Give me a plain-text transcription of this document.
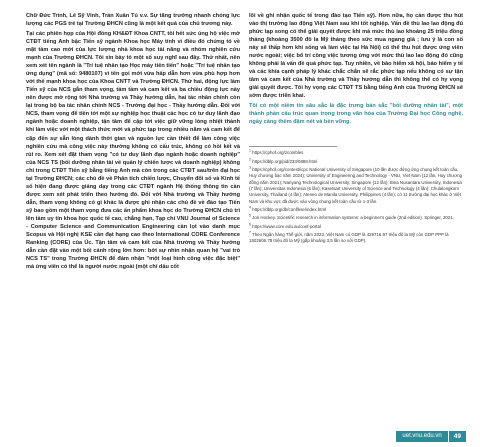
Chữ Đức Trình, Lê Sỹ Vinh, Trần Xuân Tú v.v. Sự tăng trưởng nhanh chóng lực lượng các PGS trẻ tại Trường ĐHCN cũng là một kết quả của chủ trương này.

Tại các phiên họp của Hội đồng KH&ĐT Khoa CNTT, tôi hết sức ủng hộ việc mở CTĐT tiếng Anh bậc Tiến sỹ ngành Khoa học Máy tính vì điều đó chứng tỏ về mặt tầm cao mới của lực lượng nhà khoa học tài năng và nhóm nghiên cứu mạnh của Trường ĐHCN. Tôi xin bày tỏ một số suy nghĩ sau đây. Thứ nhất, nên xem xét tên ngành là "Trí tuệ nhân tạo Học máy tiên tiến" hoặc "Trí tuệ nhân tạo ứng dụng" (mã số: 9480107) vì tên gọi mới vừa hấp dẫn hơn vừa phù hợp hơn với thế mạnh khoa học của Khoa CNTT và Trường ĐHCN. Thứ hai, động lực làm Tiến sỹ của NCS gắn tham vọng, tầm tầm và cam kết và ba chiều động lực này nên được mở rộng tới Nhà trường và Thầy hướng dẫn, hai tác nhân chính còn lại trong bộ ba tác nhân chính NCS - Trường đại học - Thầy hướng dẫn. Đối với NCS, tham vọng để tiến tới một sự nghiệp học thuật các học có tư duy lãnh đạo ngành hoặc doanh nghiệp, tận tâm để cập tới việc giữ vững lòng nhiệt thành khi làm việc với một thách thức mới và phức tạp trong nhiều năm và cam kết để cặp đến sự sẵn lòng dành thời gian và nguồn lực cần thiết để làm công việc nghiên cứu mà công việc này thường không có cấu trúc, không có hồi kết và rủi ro. Xem xét đặt tham vọng "có tư duy lãnh đạo ngành hoặc doanh nghiệp" của NCS TS (bối dưỡng nhân tài về quản lý chiến lược và doanh nghiệp) không chỉ trong CTĐT Tiến sỹ bằng tiếng Anh mà còn trong các CTĐT sau/trên đại học tại Trường ĐHCN; các chủ đề về Phân tích chiến lược, Chuyển đổi số và Kinh tế số hiện đang được giảng dạy trong các CTĐT ngành Hệ thống thông tin cần được xem xét phát triển theo hướng đó. Đối với Nhà trường và Thầy hướng dẫn, tham vọng không có gì khác là được ghi nhận các chủ đề về đào tạo Tiến sỹ bao gồm một tham vọng đưa các ấn phẩm khoa học do Trường ĐHCN chủ trì lên tầm uy tín khoa học quốc tế cao, chẳng hạn, Tạp chí VNU Journal of Science - Computer Science and Communication Engineering cần lọt vào danh mục Scopus và Hội nghị KSE cần đạt hạng cao theo International CORE Conference Ranking (CORE) của Úc. Tận tâm và cam kết của Nhà trường và Thầy hướng dẫn cần đặt vào một bối cảnh rộng lớn hơn: bởi sự nhìn nhận quan hệ "vai trò NCS TS" trong Trường ĐHCN để đảm nhận "một loại hình công việc đặc biệt" mà ứng viên có thể là người nước ngoài (một chỉ dấu cốt

lõi về ghi nhận quốc tế trong đào tạo Tiến sỹ). Hơn nữa, họ cần được thu hút vào thị trường lao động Việt Nam sau khi tốt nghiệp. Vấn đề thù lao lao động đủ phức tạp song có thể giải quyết được khi mà mức thù lao khoảng 25 triệu đồng tháng (khoảng 3500 đô la Mỹ tháng theo sức mua ngang giá ; lưu ý là con số này sẽ thấp hơn khi sống và làm việc tại Hà Nội) có thể thu hút được ứng viên nước ngoài; việc bổ trí công việc tương ứng với mức thù lao lao động đó cũng không phải là vấn đề quá phức tạp. Tuy nhiên, về bảo hiểm xã hội, bảo hiểm y tế và các khía cạnh pháp lý khác chắc chắn sẽ rắc phức tạp nếu không có sự tận tâm và cam kết của Nhà trường và Thầy hướng dẫn thì không thể có hy vọng giải quyết được. Tôi hy vọng các CTĐT TS bằng tiếng Anh của Trường ĐHCN sẽ sớm được triển khai.

Tôi có một niềm tin sâu sắc là đặc trưng bản sắc "bối dưỡng nhân tài", một thành phần cấu trúc quan trọng trong văn hóa của Trường Đại học Công nghệ, ngày càng thêm đậm nét và bền vững.

$^1$ https://cphof.org/zcombles

$^2$ https://dblp.org/pid/233/0888.html

$^3$ https://cphof.org/contest/icpc National University of Singapore (10 lần được đứng ứng chung kết toàn cầu, Huy chương bạc năm 2024); University of Engineering and Technology - VNU, Viet Nam (12 lần, Huy chương đồng năm 2021); Nanyang Technological University, Singapore (12 lần); Bina Nusantara University, Indonesia (7 lần); Universitas Indonesia (6 lần); Kasetsart University of Science and Technology (4 lần); Chulalongkorn University, Thailand (4 lần); Ateneo de Manila University, Philippines (4 lần); có 11 trường đại học khác ở Việt Nam và khu vực đã được vào vòng chung kết toàn cầu từ 1-3 lần.

$^4$ https://dblp.org/db/conf/kse/index.html

$^5$ Jon Hockey. Scientific research in information systems: a beginner's guide (2nd edition). Springer, 2021.

$^6$ https://www.core.edu.au/conf-portal

$^7$ Theo Ngân hàng Thế giới, năm 2023, Việt Nam có GDP là 429716.97 triệu đô la Mỹ còn GDP PPP là 1502606.78 triệu đô la Mỹ (gấp khoảng 3,5 lần so với GDP).

uet.vnu.edu.vn	49
